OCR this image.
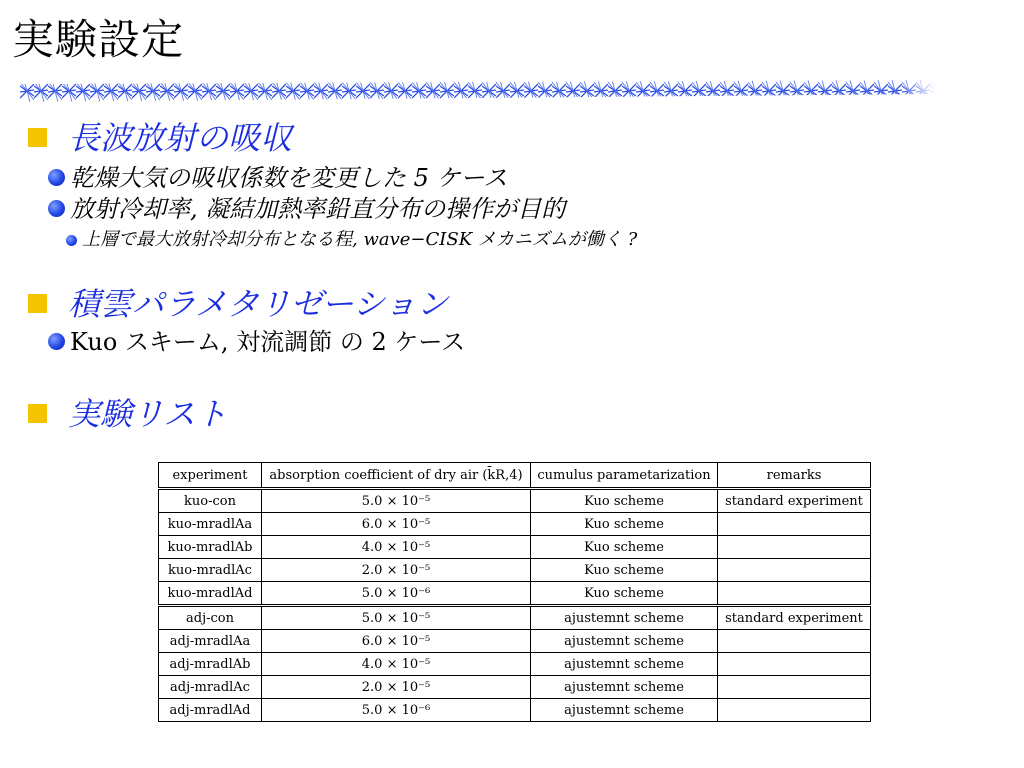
実験設定
長波放射の吸収
乾燥大気の吸収係数を変更した 5 ケース
放射冷却率, 凝結加熱率鉛直分布の操作が目的
上層で最大放射冷却分布となる程, wave−CISK メカニズムが働く ?
積雲パラメタリゼーション
Kuo スキーム, 対流調節 の 2 ケース
実験リスト
experiment	absorption coefficient of dry air (k̄R,4)	cumulus parametarization	remarks
kuo-con	5.0 × 10⁻⁵	Kuo scheme	standard experiment
kuo-mradlAa	6.0 × 10⁻⁵	Kuo scheme	
kuo-mradlAb	4.0 × 10⁻⁵	Kuo scheme	
kuo-mradlAc	2.0 × 10⁻⁵	Kuo scheme	
kuo-mradlAd	5.0 × 10⁻⁶	Kuo scheme	
adj-con	5.0 × 10⁻⁵	ajustemnt scheme	standard experiment
adj-mradlAa	6.0 × 10⁻⁵	ajustemnt scheme	
adj-mradlAb	4.0 × 10⁻⁵	ajustemnt scheme	
adj-mradlAc	2.0 × 10⁻⁵	ajustemnt scheme	
adj-mradlAd	5.0 × 10⁻⁶	ajustemnt scheme	
